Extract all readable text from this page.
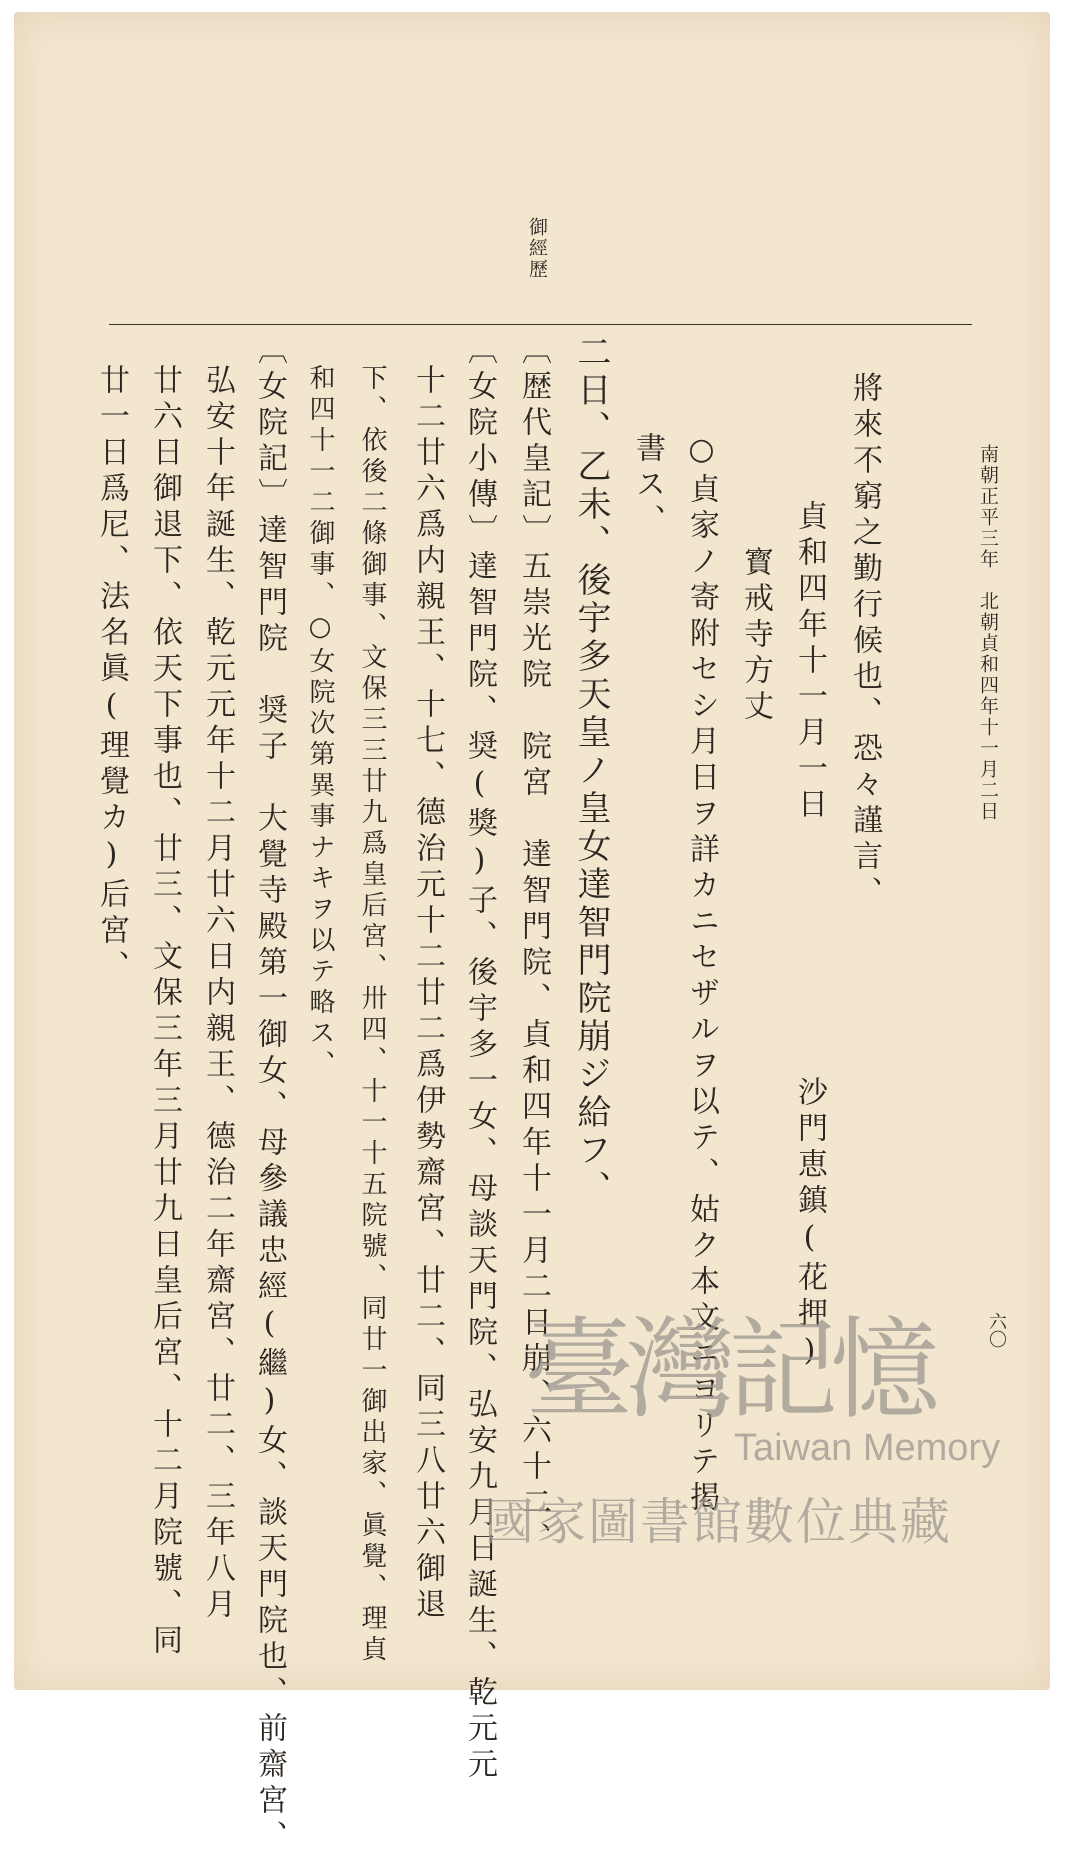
御經歷
南朝正平三年　北朝貞和四年十一月二日
六〇
將來不窮之勤行候也、恐々謹言、
貞和四年十一月一日　　　　　　　沙門恵鎮(花押)
寳戒寺方丈
○貞家ノ寄附セシ月日ヲ詳カニセザルヲ以テ、姑ク本文ニヨリテ掲
書ス、
二日、乙未、後宇多天皇ノ皇女達智門院崩ジ給フ、
〔歴代皇記〕五崇光院　院宮　達智門院、貞和四年十一月二日崩、六十二、
〔女院小傳〕達智門院、奨(獎)子、後宇多一女、母談天門院、弘安九月日誕生、乾元元
十二廿六爲内親王、十七、德治元十二廿二爲伊勢齋宮、廿二、同三八廿六御退
下、依後二條御事、文保三三廿九爲皇后宮、卅四、十一十五院號、同廿一御出家、眞覺、理貞
和四十一二御事、○女院次第異事ナキヲ以テ略ス、
〔女院記〕達智門院　奨子　大覺寺殿第一御女、母參議忠經(繼)女、談天門院也、前齋宮、
弘安十年誕生、乾元元年十二月廿六日内親王、德治二年齋宮、廿二、三年八月
廿六日御退下、依天下事也、廿三、文保三年三月廿九日皇后宮、十二月院號、同
廿一日爲尼、法名眞(理覺カ)后宮、
臺灣記憶
Taiwan Memory
國家圖書館數位典藏
